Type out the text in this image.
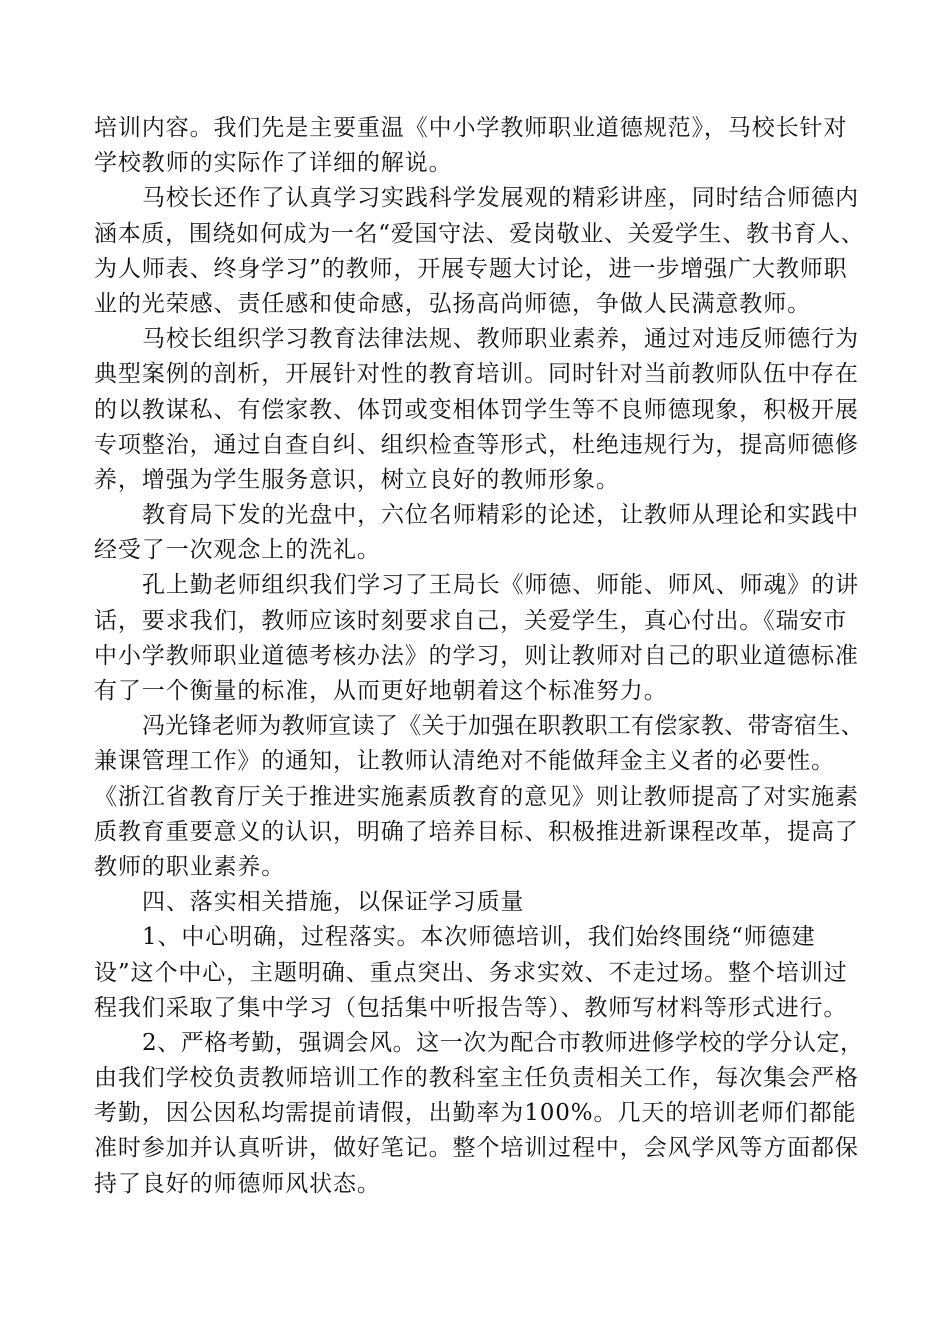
培训内容。我们先是主要重温《中小学教师职业道德规范》，马校长针对
学校教师的实际作了详细的解说。
马校长还作了认真学习实践科学发展观的精彩讲座，同时结合师德内
涵本质，围绕如何成为一名“爱国守法、爱岗敬业、关爱学生、教书育人、
为人师表、终身学习”的教师，开展专题大讨论，进一步增强广大教师职
业的光荣感、责任感和使命感，弘扬高尚师德，争做人民满意教师。
马校长组织学习教育法律法规、教师职业素养，通过对违反师德行为
典型案例的剖析，开展针对性的教育培训。同时针对当前教师队伍中存在
的以教谋私、有偿家教、体罚或变相体罚学生等不良师德现象，积极开展
专项整治，通过自查自纠、组织检查等形式，杜绝违规行为，提高师德修
养，增强为学生服务意识，树立良好的教师形象。
教育局下发的光盘中，六位名师精彩的论述，让教师从理论和实践中
经受了一次观念上的洗礼。
孔上勤老师组织我们学习了王局长《师德、师能、师风、师魂》的讲
话，要求我们，教师应该时刻要求自己，关爱学生，真心付出。《瑞安市
中小学教师职业道德考核办法》的学习，则让教师对自己的职业道德标准
有了一个衡量的标准，从而更好地朝着这个标准努力。
冯光锋老师为教师宣读了《关于加强在职教职工有偿家教、带寄宿生、
兼课管理工作》的通知，让教师认清绝对不能做拜金主义者的必要性。
《浙江省教育厅关于推进实施素质教育的意见》则让教师提高了对实施素
质教育重要意义的认识，明确了培养目标、积极推进新课程改革，提高了
教师的职业素养。
四、落实相关措施，以保证学习质量
1、中心明确，过程落实。本次师德培训，我们始终围绕“师德建
设”这个中心，主题明确、重点突出、务求实效、不走过场。整个培训过
程我们采取了集中学习（包括集中听报告等）、教师写材料等形式进行。
2、严格考勤，强调会风。这一次为配合市教师进修学校的学分认定，
由我们学校负责教师培训工作的教科室主任负责相关工作，每次集会严格
考勤，因公因私均需提前请假，出勤率为100%。几天的培训老师们都能
准时参加并认真听讲，做好笔记。整个培训过程中，会风学风等方面都保
持了良好的师德师风状态。
